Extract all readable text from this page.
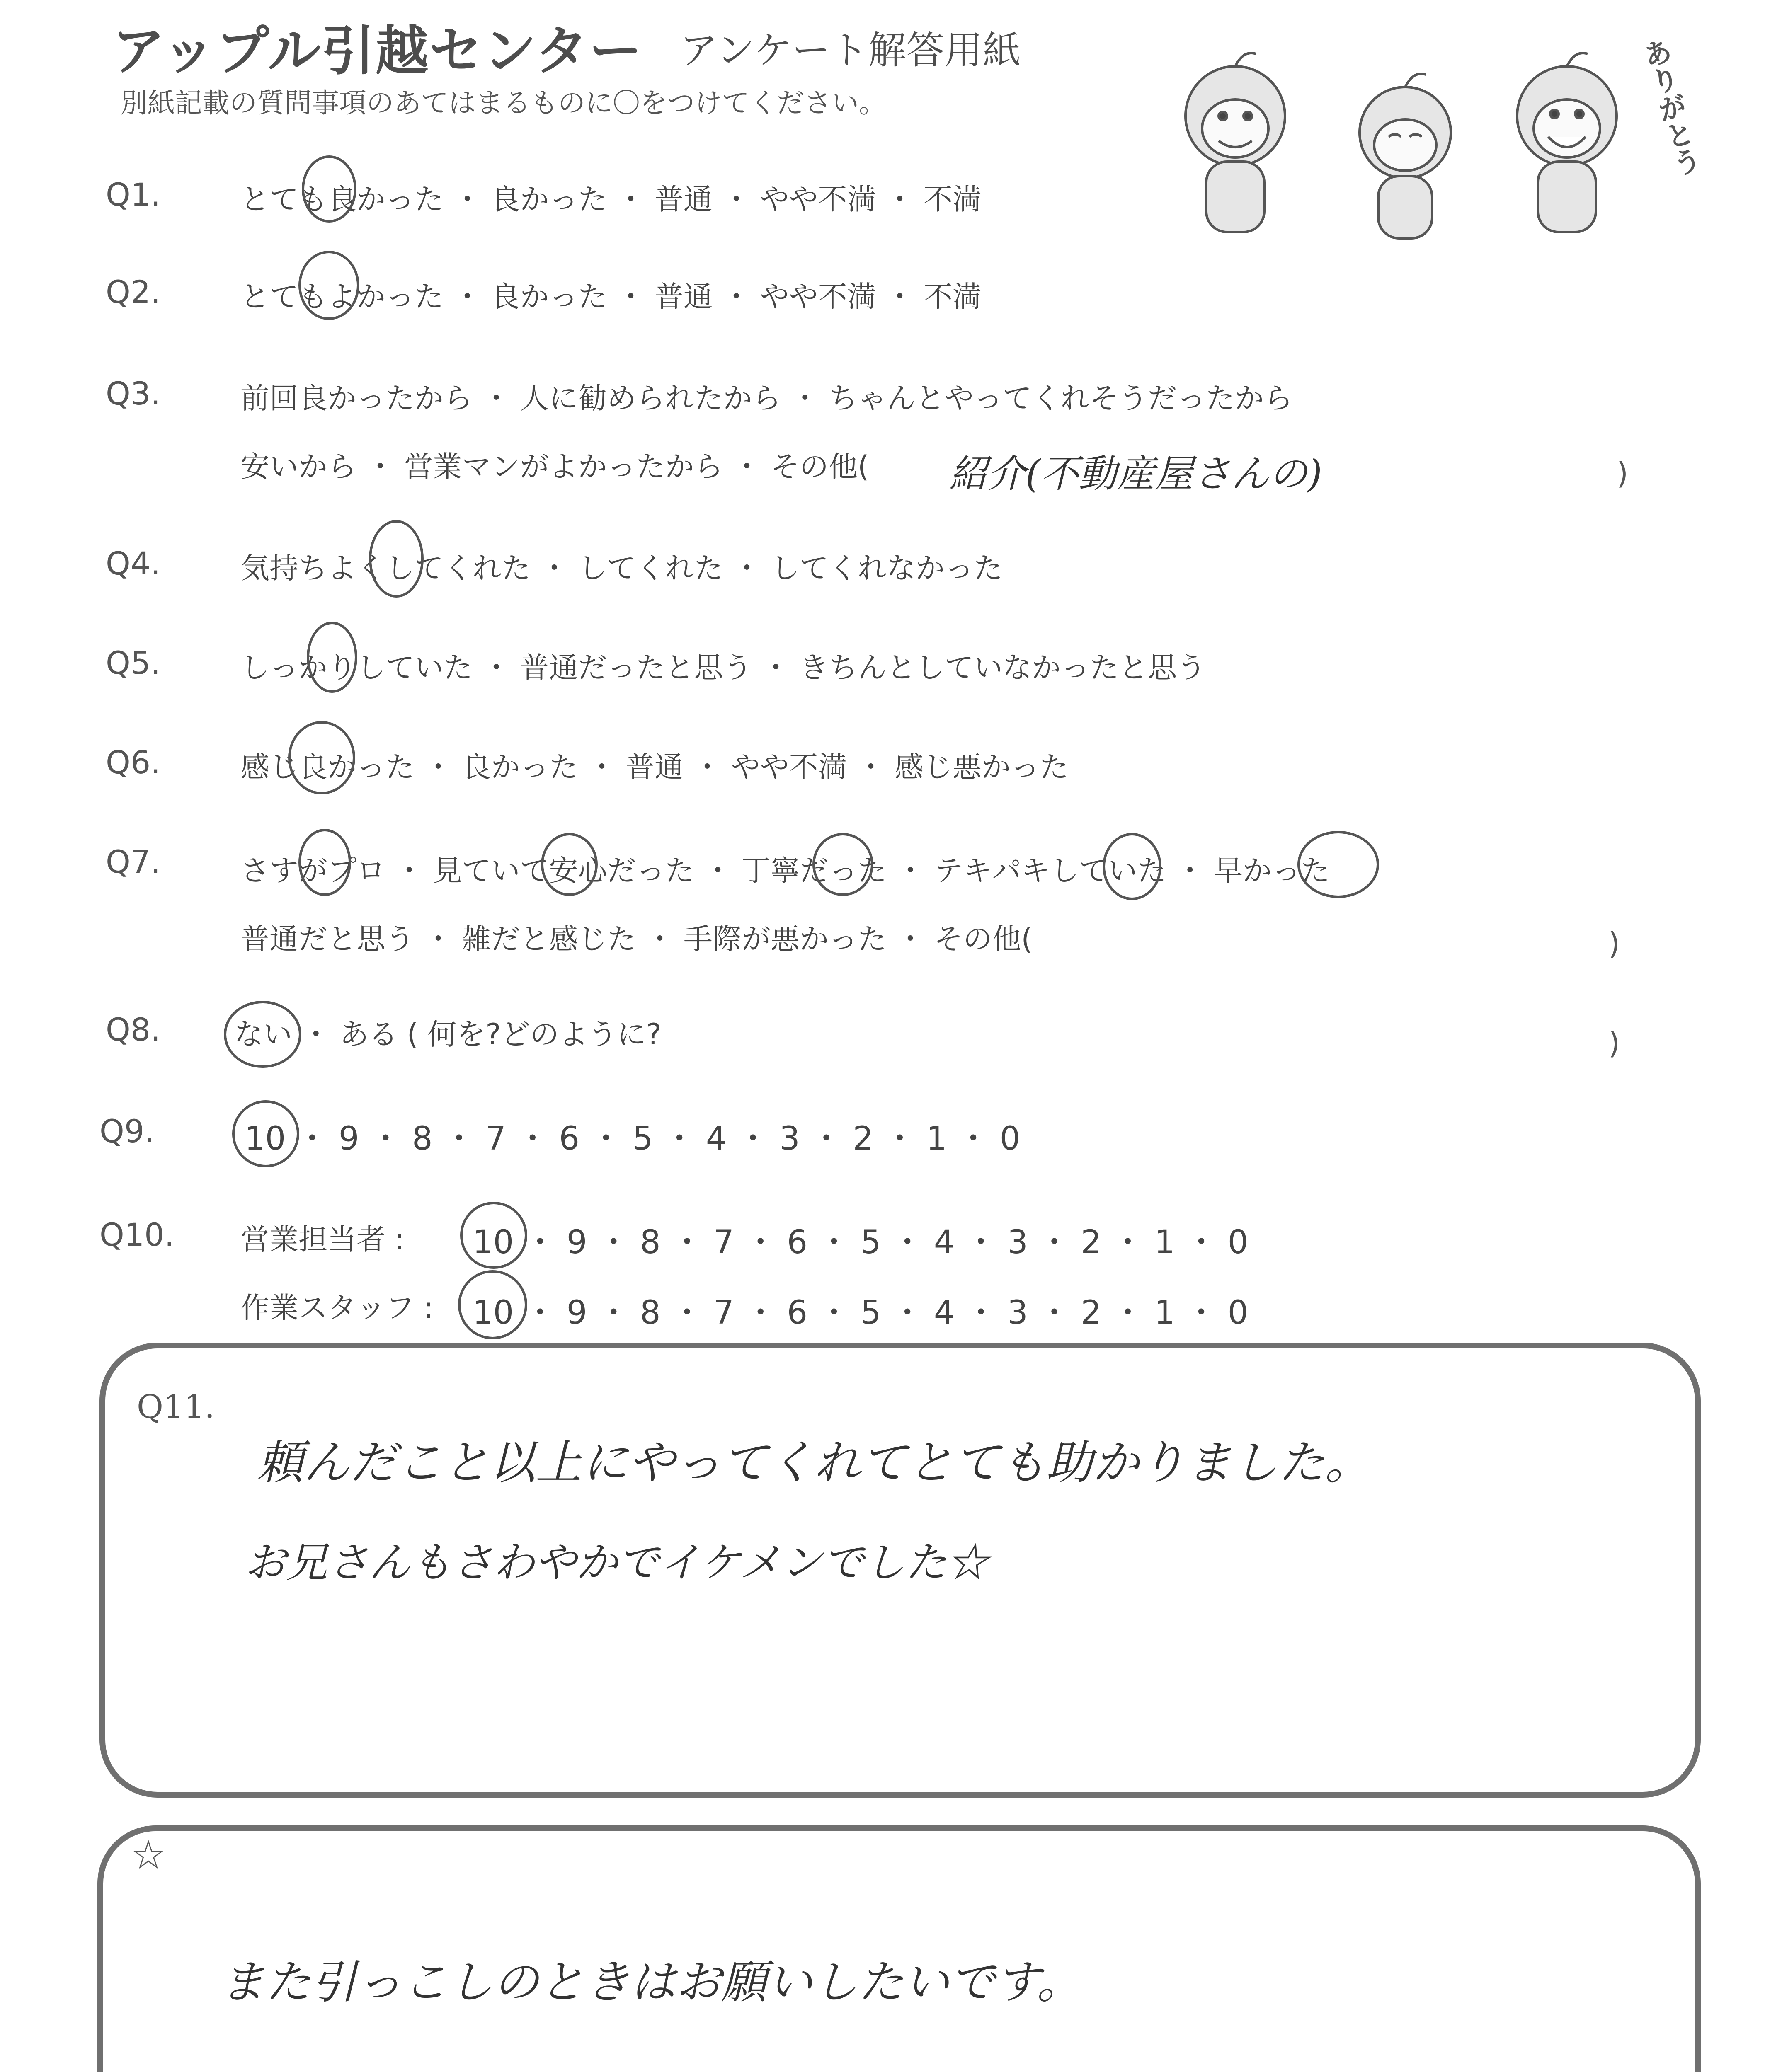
アップル引越センター アンケート解答用紙
別紙記載の質問事項のあてはまるものに〇をつけてください。	ありがとう
Q1.	とても良かった ・ 良かった ・ 普通 ・ やや不満 ・ 不満
Q2.	とてもよかった ・ 良かった ・ 普通 ・ やや不満 ・ 不満
Q3.	前回良かったから ・ 人に勧められたから ・ ちゃんとやってくれそうだったから
安いから ・ 営業マンがよかったから ・ その他( 紹介(不動産屋さんの)	)
Q4.	気持ちよくしてくれた ・ してくれた ・ してくれなかった
Q5.	しっかりしていた ・ 普通だったと思う ・ きちんとしていなかったと思う
Q6.	感じ良かった ・ 良かった ・ 普通 ・ やや不満 ・ 感じ悪かった
Q7.	さすがプロ ・ 見ていて安心だった ・ 丁寧だった ・ テキパキしていた ・ 早かった
普通だと思う ・ 雑だと感じた ・ 手際が悪かった ・ その他(	)
Q8.	ない ・ ある ( 何を?どのように?	)
Q9.	10 ・ 9 ・ 8 ・ 7 ・ 6 ・ 5 ・ 4 ・ 3 ・ 2 ・ 1 ・ 0
Q10. 営業担当者 : 10 ・ 9 ・ 8 ・ 7 ・ 6 ・ 5 ・ 4 ・ 3 ・ 2 ・ 1 ・ 0
作業スタッフ : 10 ・ 9 ・ 8 ・ 7 ・ 6 ・ 5 ・ 4 ・ 3 ・ 2 ・ 1 ・ 0
Q11.
頼んだこと以上にやってくれてとても助かりました。
お兄さんもさわやかでイケメンでした☆
☆
また引っこしのときはお願いしたいです。
